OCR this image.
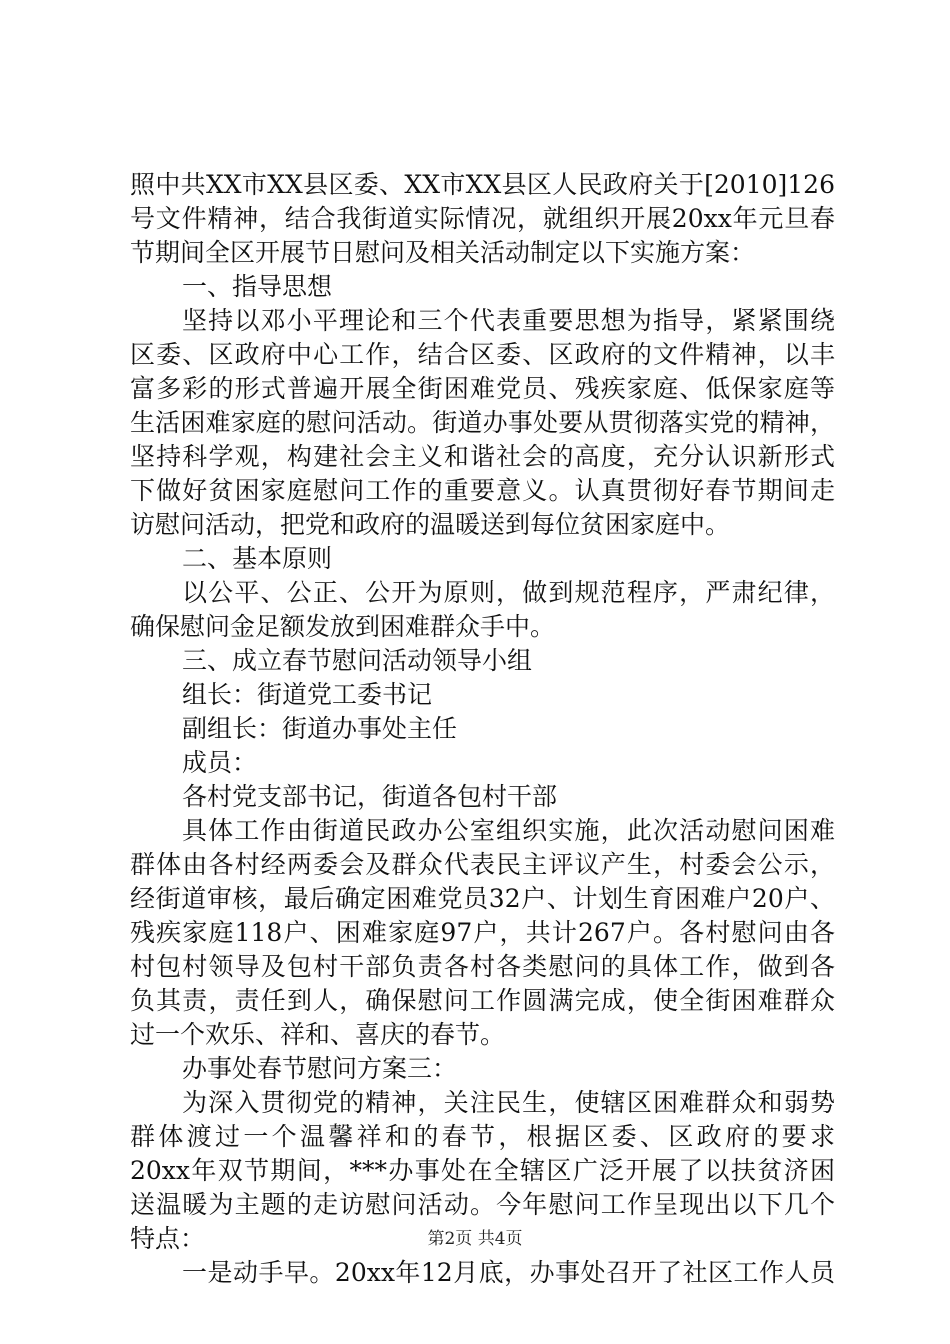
照中共XX市XX县区委、XX市XX县区人民政府关于[2010]126
号文件精神，结合我街道实际情况，就组织开展20xx年元旦春
节期间全区开展节日慰问及相关活动制定以下实施方案：
一、指导思想
坚持以邓小平理论和三个代表重要思想为指导，紧紧围绕
区委、区政府中心工作，结合区委、区政府的文件精神，以丰
富多彩的形式普遍开展全街困难党员、残疾家庭、低保家庭等
生活困难家庭的慰问活动。街道办事处要从贯彻落实党的精神，
坚持科学观，构建社会主义和谐社会的高度，充分认识新形式
下做好贫困家庭慰问工作的重要意义。认真贯彻好春节期间走
访慰问活动，把党和政府的温暖送到每位贫困家庭中。
二、基本原则
以公平、公正、公开为原则，做到规范程序，严肃纪律，
确保慰问金足额发放到困难群众手中。
三、成立春节慰问活动领导小组
组长：街道党工委书记
副组长：街道办事处主任
成员：
各村党支部书记，街道各包村干部
具体工作由街道民政办公室组织实施，此次活动慰问困难
群体由各村经两委会及群众代表民主评议产生，村委会公示，
经街道审核，最后确定困难党员32户、计划生育困难户20户、
残疾家庭118户、困难家庭97户，共计267户。各村慰问由各
村包村领导及包村干部负责各村各类慰问的具体工作，做到各
负其责，责任到人，确保慰问工作圆满完成，使全街困难群众
过一个欢乐、祥和、喜庆的春节。
办事处春节慰问方案三：
为深入贯彻党的精神，关注民生，使辖区困难群众和弱势
群体渡过一个温馨祥和的春节，根据区委、区政府的要求
20xx年双节期间，***办事处在全辖区广泛开展了以扶贫济困
送温暖为主题的走访慰问活动。今年慰问工作呈现出以下几个
特点：
一是动手早。20xx年12月底，办事处召开了社区工作人员
第2页 共4页
